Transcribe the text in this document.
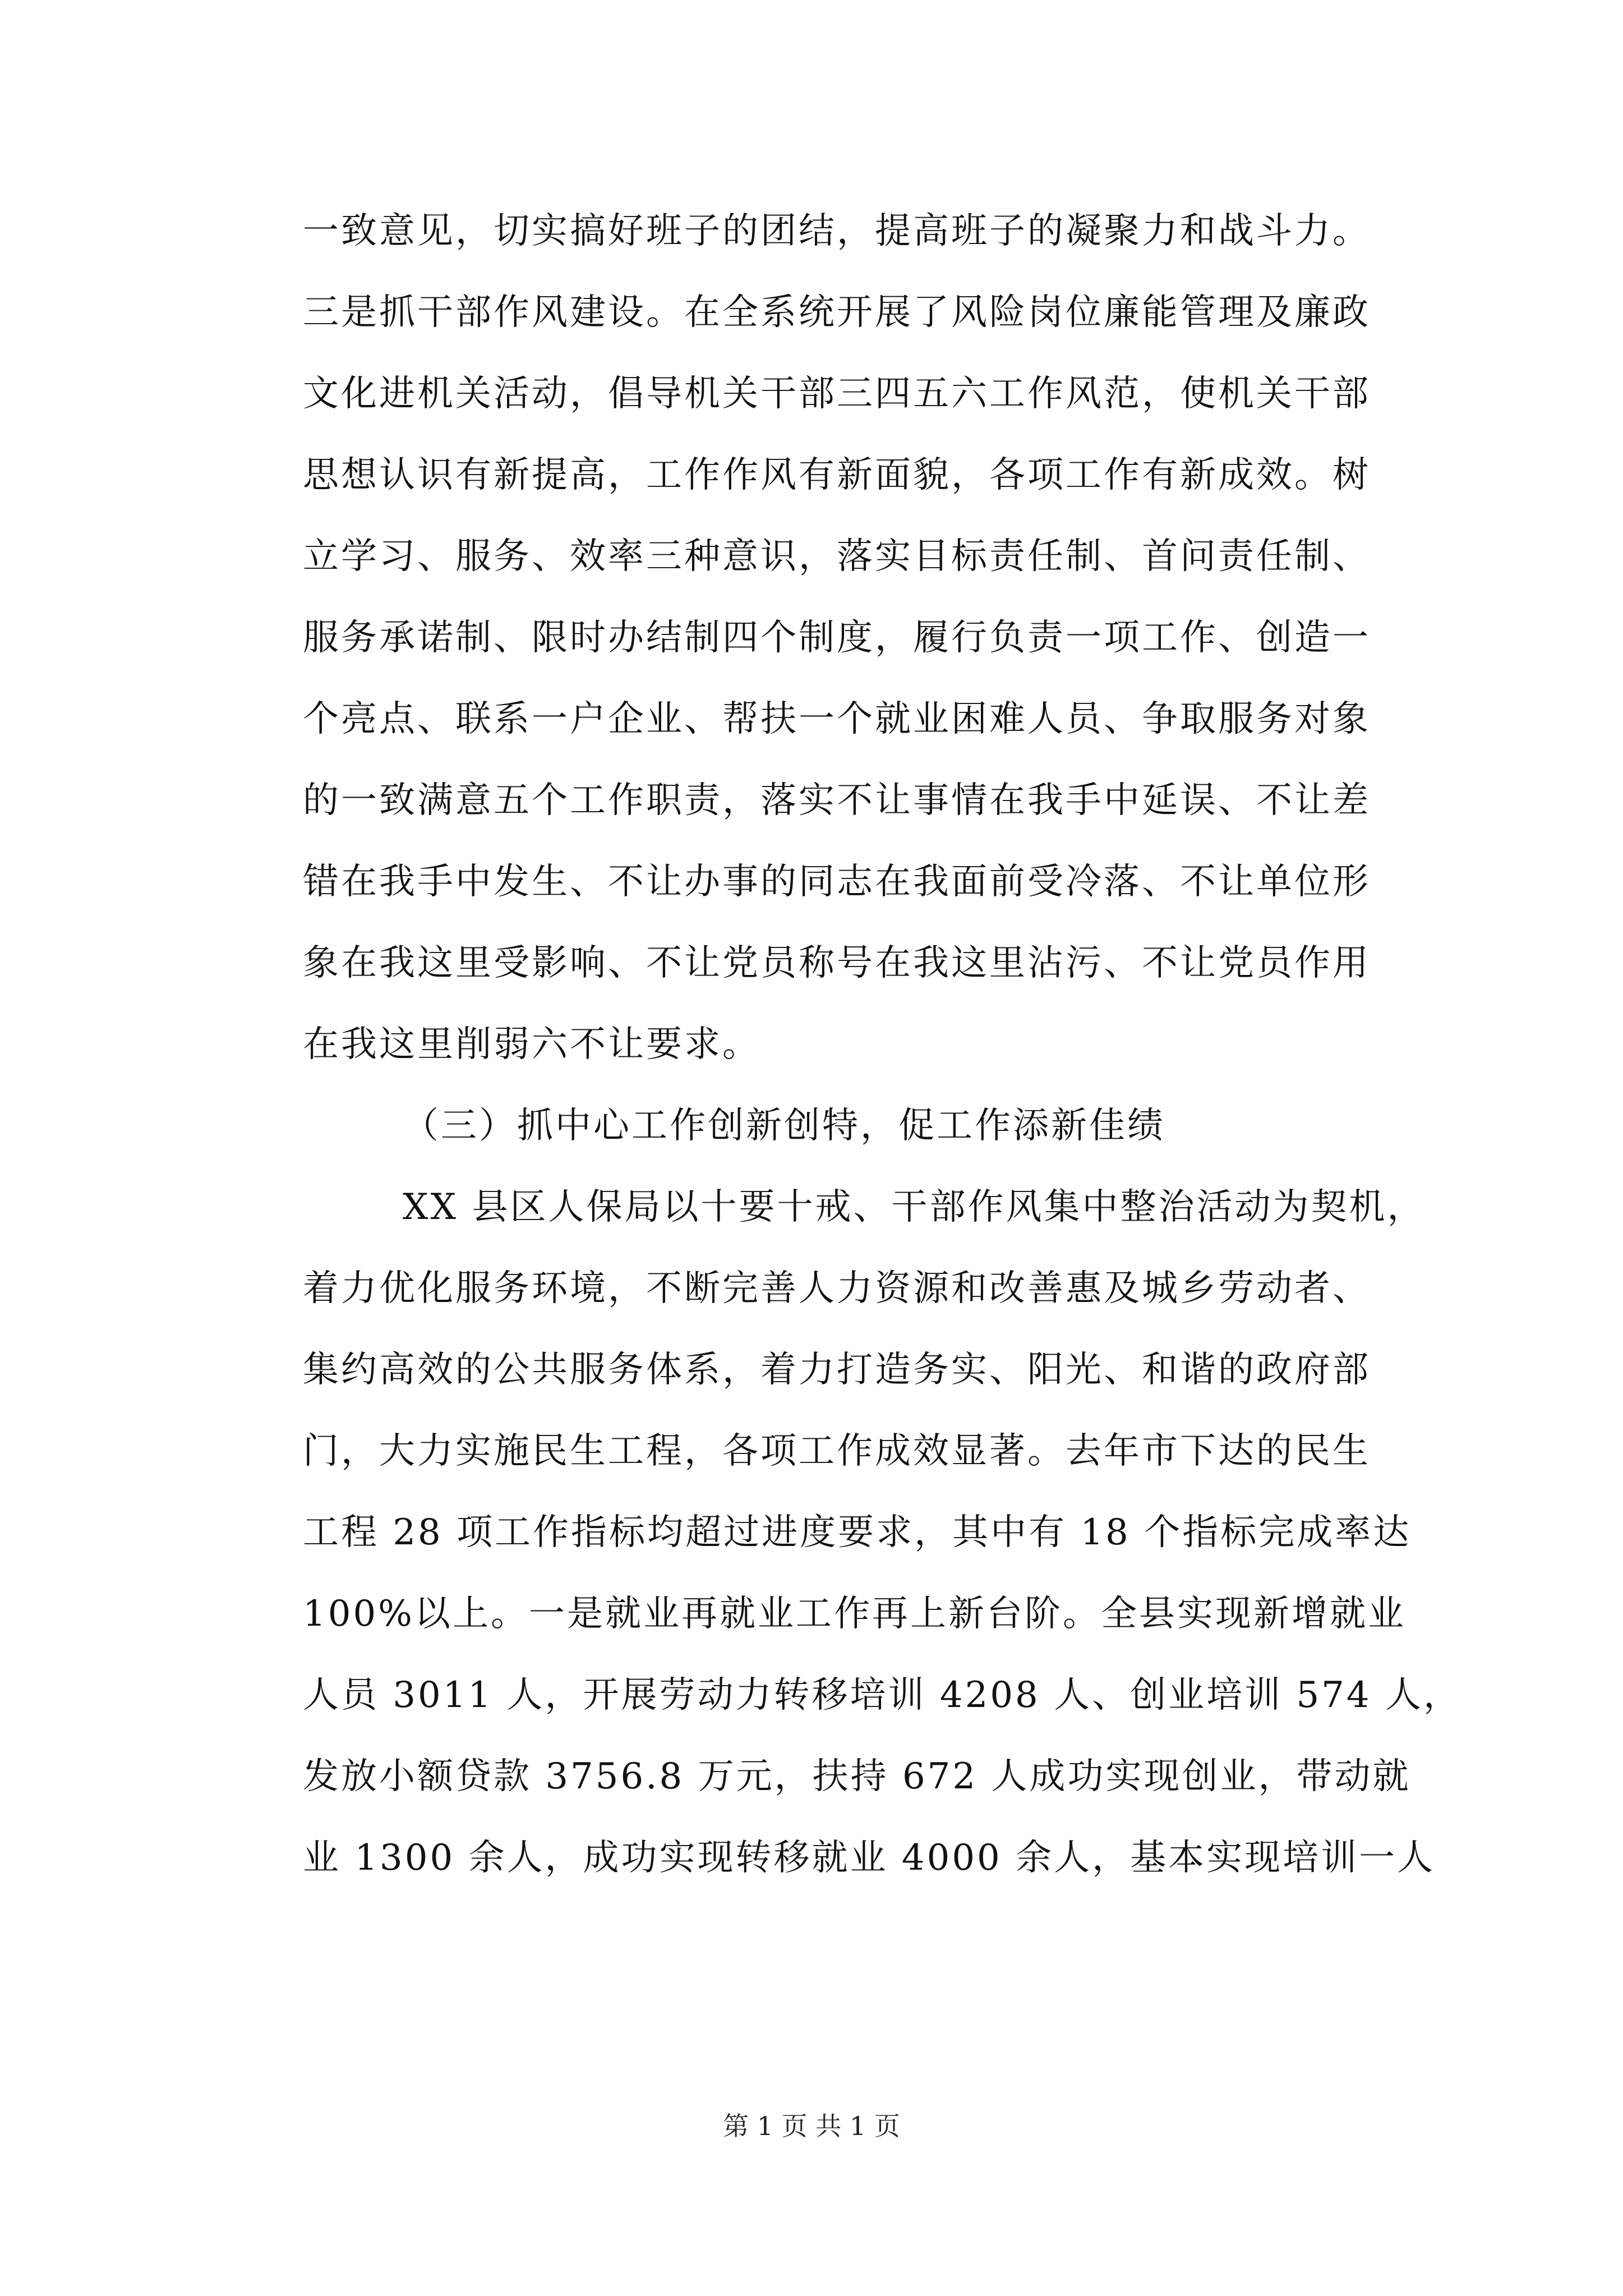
一致意见，切实搞好班子的团结，提高班子的凝聚力和战斗力。
三是抓干部作风建设。在全系统开展了风险岗位廉能管理及廉政
文化进机关活动，倡导机关干部三四五六工作风范，使机关干部
思想认识有新提高，工作作风有新面貌，各项工作有新成效。树
立学习、服务、效率三种意识，落实目标责任制、首问责任制、
服务承诺制、限时办结制四个制度，履行负责一项工作、创造一
个亮点、联系一户企业、帮扶一个就业困难人员、争取服务对象
的一致满意五个工作职责，落实不让事情在我手中延误、不让差
错在我手中发生、不让办事的同志在我面前受冷落、不让单位形
象在我这里受影响、不让党员称号在我这里沾污、不让党员作用
在我这里削弱六不让要求。
（三）抓中心工作创新创特，促工作添新佳绩
XX 县区人保局以十要十戒、干部作风集中整治活动为契机，
着力优化服务环境，不断完善人力资源和改善惠及城乡劳动者、
集约高效的公共服务体系，着力打造务实、阳光、和谐的政府部
门，大力实施民生工程，各项工作成效显著。去年市下达的民生
工程 28 项工作指标均超过进度要求，其中有 18 个指标完成率达
100%以上。一是就业再就业工作再上新台阶。全县实现新增就业
人员 3011 人，开展劳动力转移培训 4208 人、创业培训 574 人，
发放小额贷款 3756.8 万元，扶持 672 人成功实现创业，带动就
业 1300 余人，成功实现转移就业 4000 余人，基本实现培训一人
第 1 页 共 1 页
